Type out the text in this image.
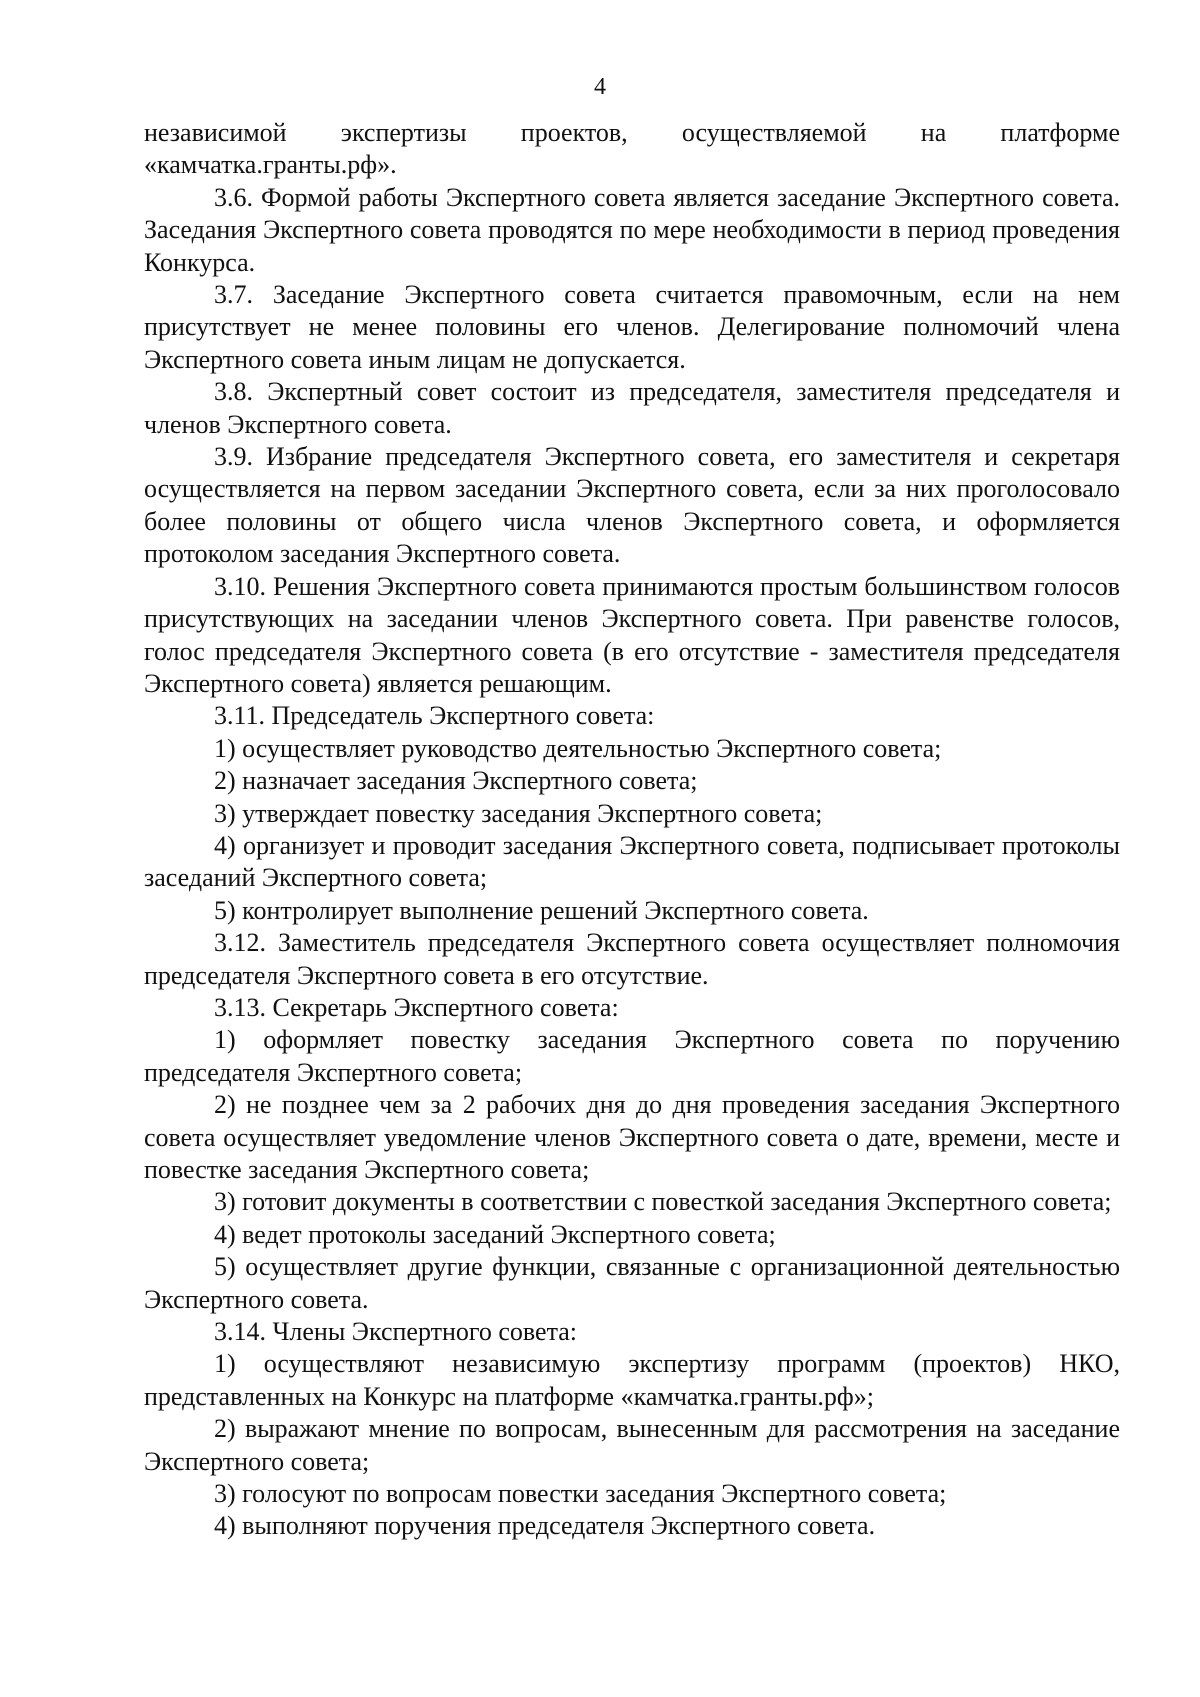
4

независимой экспертизы проектов, осуществляемой на платформе «камчатка.гранты.рф».

3.6. Формой работы Экспертного совета является заседание Экспертного совета. Заседания Экспертного совета проводятся по мере необходимости в период проведения Конкурса.

3.7. Заседание Экспертного совета считается правомочным, если на нем присутствует не менее половины его членов. Делегирование полномочий члена Экспертного совета иным лицам не допускается.

3.8. Экспертный совет состоит из председателя, заместителя председателя и членов Экспертного совета.

3.9. Избрание председателя Экспертного совета, его заместителя и секретаря осуществляется на первом заседании Экспертного совета, если за них проголосовало более половины от общего числа членов Экспертного совета, и оформляется протоколом заседания Экспертного совета.

3.10. Решения Экспертного совета принимаются простым большинством голосов присутствующих на заседании членов Экспертного совета. При равенстве голосов, голос председателя Экспертного совета (в его отсутствие - заместителя председателя Экспертного совета) является решающим.

3.11. Председатель Экспертного совета:

1) осуществляет руководство деятельностью Экспертного совета;

2) назначает заседания Экспертного совета;

3) утверждает повестку заседания Экспертного совета;

4) организует и проводит заседания Экспертного совета, подписывает протоколы заседаний Экспертного совета;

5) контролирует выполнение решений Экспертного совета.

3.12. Заместитель председателя Экспертного совета осуществляет полномочия председателя Экспертного совета в его отсутствие.

3.13. Секретарь Экспертного совета:

1) оформляет повестку заседания Экспертного совета по поручению председателя Экспертного совета;

2) не позднее чем за 2 рабочих дня до дня проведения заседания Экспертного совета осуществляет уведомление членов Экспертного совета о дате, времени, месте и повестке заседания Экспертного совета;

3) готовит документы в соответствии с повесткой заседания Экспертного совета;

4) ведет протоколы заседаний Экспертного совета;

5) осуществляет другие функции, связанные с организационной деятельностью Экспертного совета.

3.14. Члены Экспертного совета:

1) осуществляют независимую экспертизу программ (проектов) НКО, представленных на Конкурс на платформе «камчатка.гранты.рф»;

2) выражают мнение по вопросам, вынесенным для рассмотрения на заседание Экспертного совета;

3) голосуют по вопросам повестки заседания Экспертного совета;

4) выполняют поручения председателя Экспертного совета.
